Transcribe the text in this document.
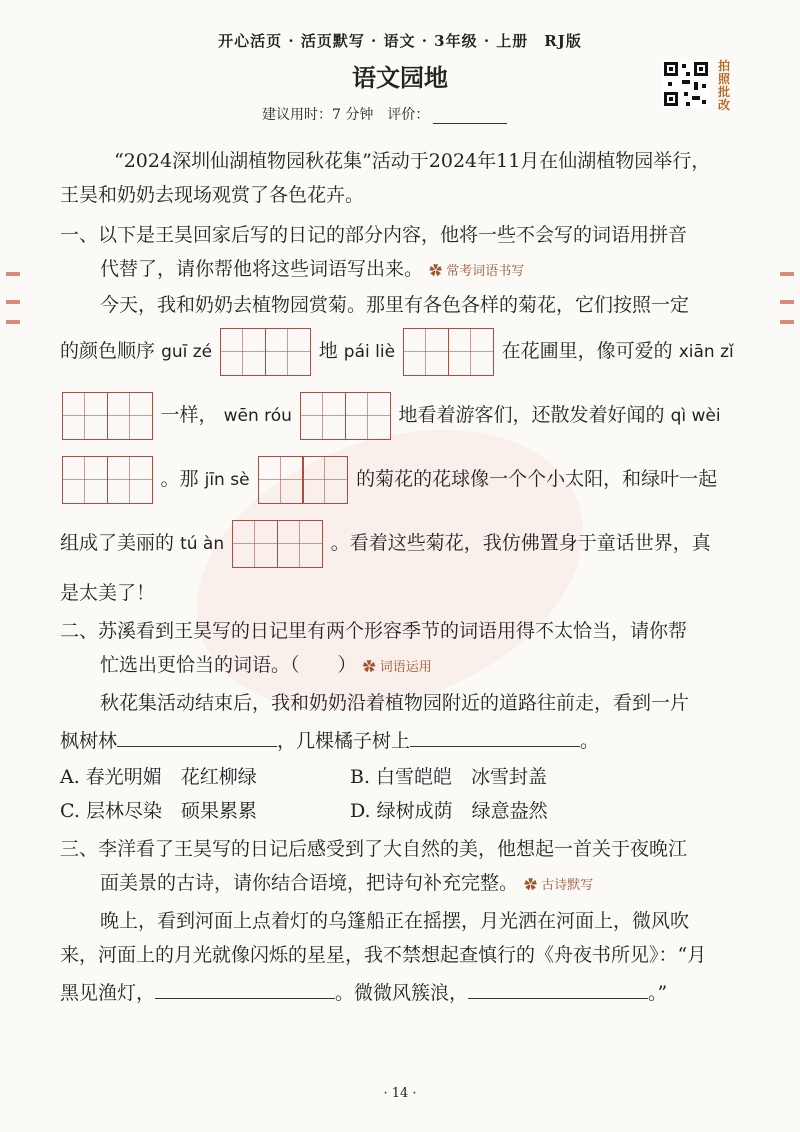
开心活页 · 活页默写 · 语文 · 3年级 · 上册　RJ版
语文园地
建议用时：7 分钟　评价：
拍照批改
“2024深圳仙湖植物园秋花集”活动于2024年11月在仙湖植物园举行，
王昊和奶奶去现场观赏了各色花卉。
一、以下是王昊回家后写的日记的部分内容，他将一些不会写的词语用拼音
代替了，请你帮他将这些词语写出来。 ✿ 常考词语书写
今天，我和奶奶去植物园赏菊。那里有各色各样的菊花，它们按照一定
的颜色顺序 guī zé	地 pái liè	在花圃里，像可爱的 xiān zǐ
一样， wēn róu	地看着游客们，还散发着好闻的 qì wèi
。那 jīn sè	的菊花的花球像一个个小太阳，和绿叶一起
组成了美丽的 tú àn	。看着这些菊花，我仿佛置身于童话世界，真
是太美了！
二、苏溪看到王昊写的日记里有两个形容季节的词语用得不太恰当，请你帮
忙选出更恰当的词语。（　　） ✿ 词语运用
秋花集活动结束后，我和奶奶沿着植物园附近的道路往前走，看到一片
枫树林	，几棵橘子树上	。
A. 春光明媚　花红柳绿	B. 白雪皑皑　冰雪封盖
C. 层林尽染　硕果累累	D. 绿树成荫　绿意盎然
三、李洋看了王昊写的日记后感受到了大自然的美，他想起一首关于夜晚江
面美景的古诗，请你结合语境，把诗句补充完整。 ✿ 古诗默写
晚上，看到河面上点着灯的乌篷船正在摇摆，月光洒在河面上，微风吹
来，河面上的月光就像闪烁的星星，我不禁想起查慎行的《舟夜书所见》：“月
黑见渔灯，	。微微风簇浪，	。”
· 14 ·
